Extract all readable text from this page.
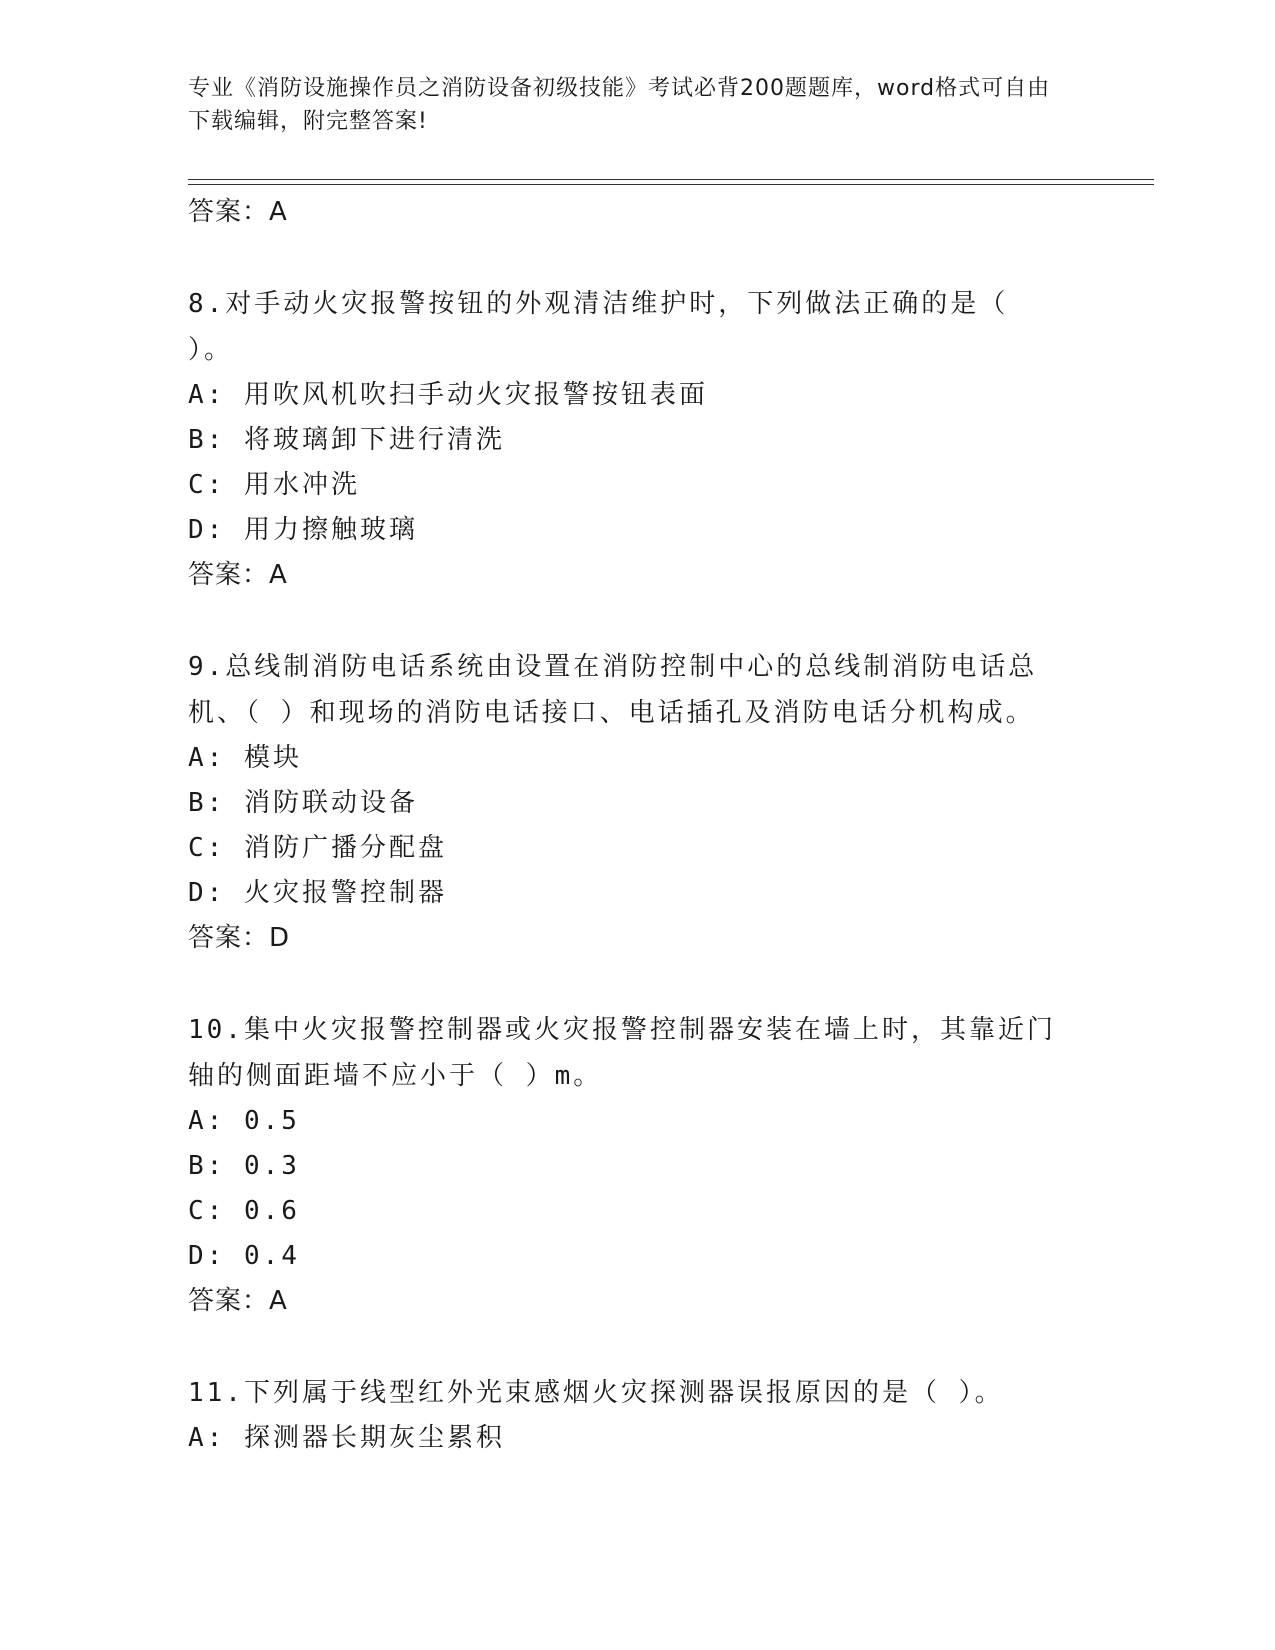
专业《消防设施操作员之消防设备初级技能》考试必背200题题库，word格式可自由下载编辑，附完整答案!

答案：A

8.对手动火灾报警按钮的外观清洁维护时，下列做法正确的是（ ）。

A: 用吹风机吹扫手动火灾报警按钮表面

B: 将玻璃卸下进行清洗

C: 用水冲洗

D: 用力擦触玻璃

答案：A

9.总线制消防电话系统由设置在消防控制中心的总线制消防电话总机、（ ）和现场的消防电话接口、电话插孔及消防电话分机构成。

A: 模块

B: 消防联动设备

C: 消防广播分配盘

D: 火灾报警控制器

答案：D

10.集中火灾报警控制器或火灾报警控制器安装在墙上时，其靠近门轴的侧面距墙不应小于（ ）m。

A: 0.5

B: 0.3

C: 0.6

D: 0.4

答案：A

11.下列属于线型红外光束感烟火灾探测器误报原因的是（ ）。

A: 探测器长期灰尘累积
